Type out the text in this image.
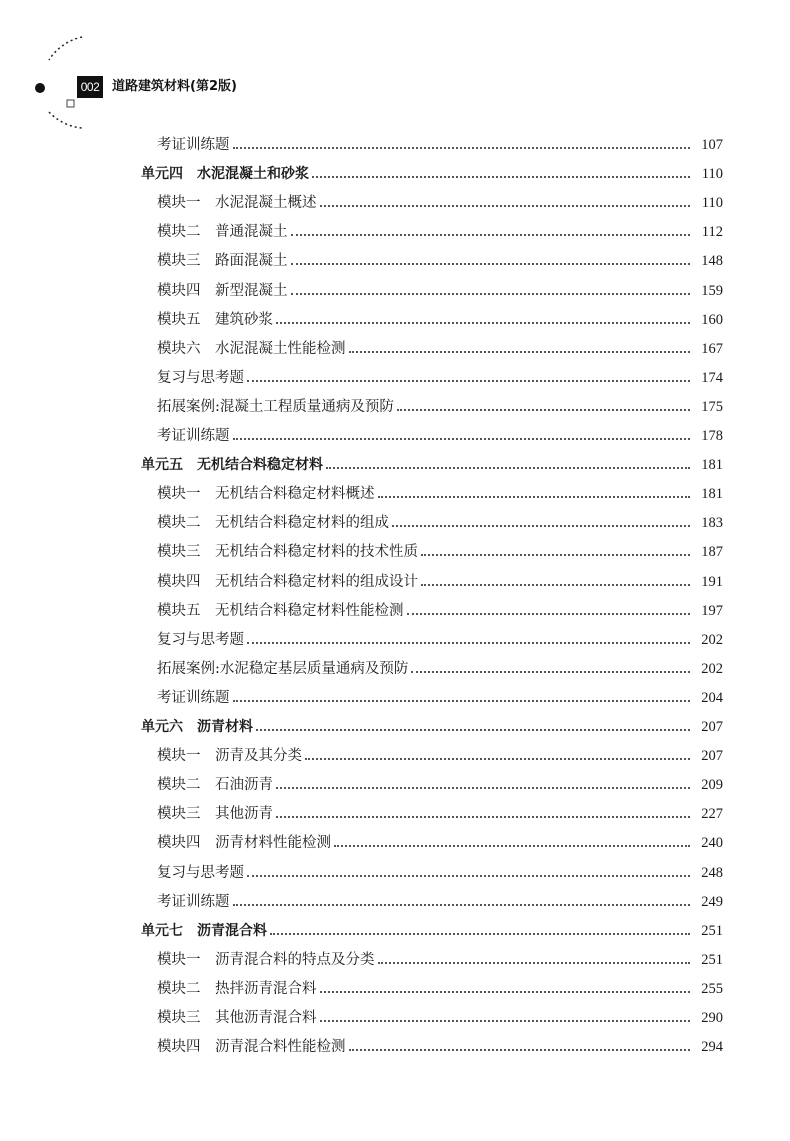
002 道路建筑材料(第2版)
考证训练题	107
单元四　水泥混凝土和砂浆	110
模块一　水泥混凝土概述	110
模块二　普通混凝土	112
模块三　路面混凝土	148
模块四　新型混凝土	159
模块五　建筑砂浆	160
模块六　水泥混凝土性能检测	167
复习与思考题	174
拓展案例:混凝土工程质量通病及预防	175
考证训练题	178
单元五　无机结合料稳定材料	181
模块一　无机结合料稳定材料概述	181
模块二　无机结合料稳定材料的组成	183
模块三　无机结合料稳定材料的技术性质	187
模块四　无机结合料稳定材料的组成设计	191
模块五　无机结合料稳定材料性能检测	197
复习与思考题	202
拓展案例:水泥稳定基层质量通病及预防	202
考证训练题	204
单元六　沥青材料	207
模块一　沥青及其分类	207
模块二　石油沥青	209
模块三　其他沥青	227
模块四　沥青材料性能检测	240
复习与思考题	248
考证训练题	249
单元七　沥青混合料	251
模块一　沥青混合料的特点及分类	251
模块二　热拌沥青混合料	255
模块三　其他沥青混合料	290
模块四　沥青混合料性能检测	294
